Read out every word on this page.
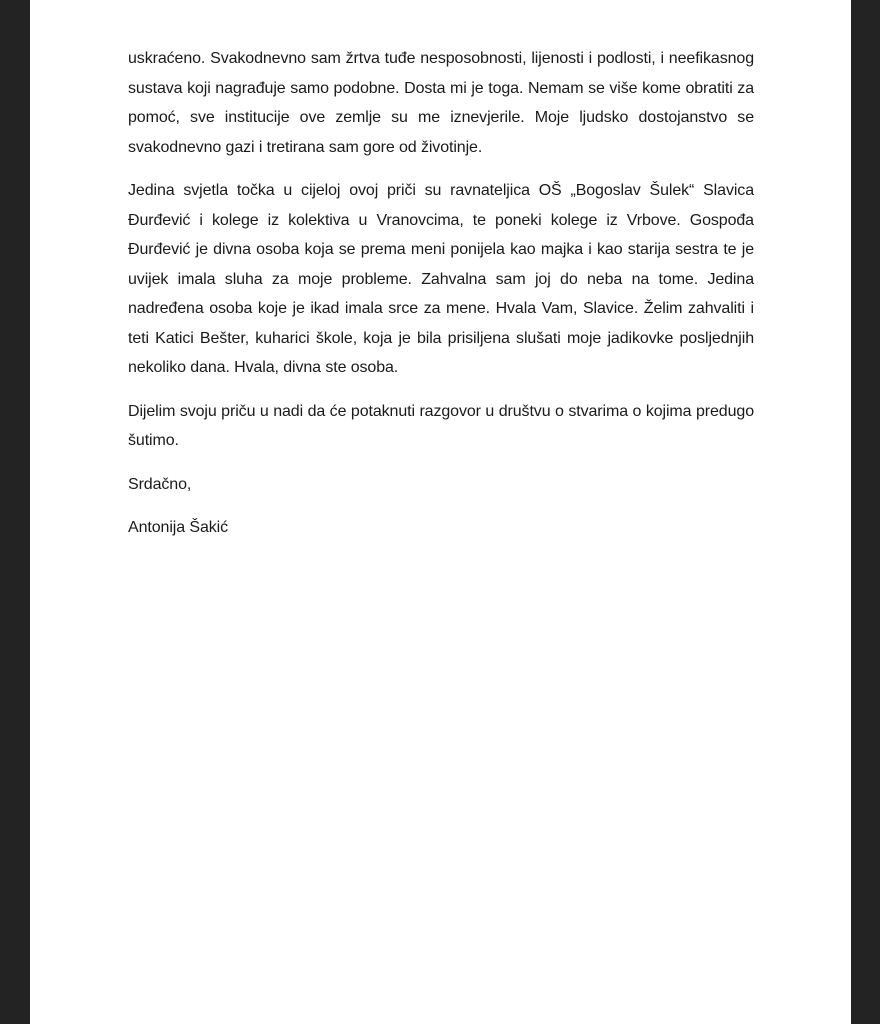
uskraćeno. Svakodnevno sam žrtva tuđe nesposobnosti, lijenosti i podlosti, i neefikasnog sustava koji nagrađuje samo podobne. Dosta mi je toga. Nemam se više kome obratiti za pomoć, sve institucije ove zemlje su me iznevjerile. Moje ljudsko dostojanstvo se svakodnevno gazi i tretirana sam gore od životinje.

Jedina svjetla točka u cijeloj ovoj priči su ravnateljica OŠ „Bogoslav Šulek“ Slavica Đurđević i kolege iz kolektiva u Vranovcima, te poneki kolege iz Vrbove. Gospođa Đurđević je divna osoba koja se prema meni ponijela kao majka i kao starija sestra te je uvijek imala sluha za moje probleme. Zahvalna sam joj do neba na tome. Jedina nadređena osoba koje je ikad imala srce za mene. Hvala Vam, Slavice. Želim zahvaliti i teti Katici Bešter, kuharici škole, koja je bila prisiljena slušati moje jadikovke posljednjih nekoliko dana. Hvala, divna ste osoba.

Dijelim svoju priču u nadi da će potaknuti razgovor u društvu o stvarima o kojima predugo šutimo.

Srdačno,

Antonija Šakić
